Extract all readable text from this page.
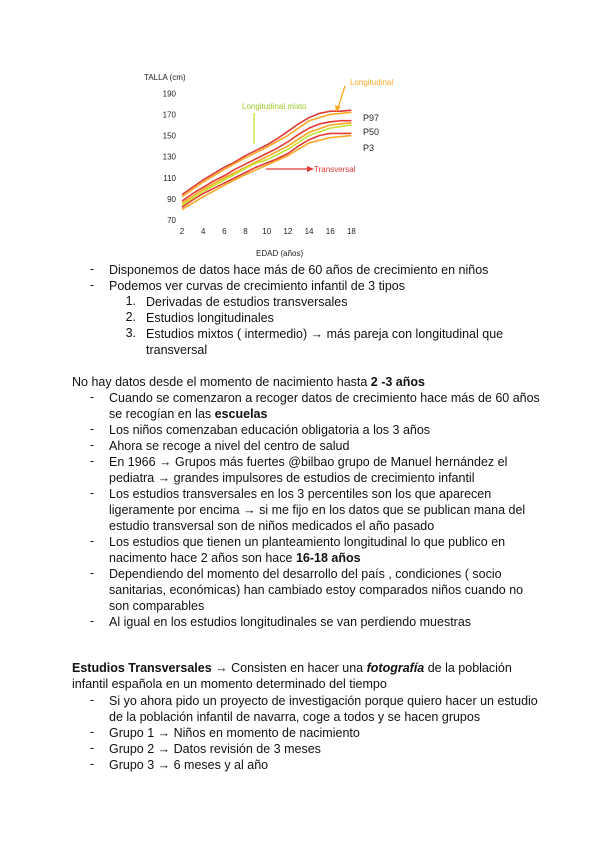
TALLA (cm)
EDAD (años)
70
90
110
130
150
170
190
2 4 6 8 10 12 14 16 18
Longitudinal
Longitudinal mixto
Transversal
P97
P50
P3
-	Disponemos de datos hace más de 60 años de crecimiento en niños
-	Podemos ver curvas de crecimiento infantil de 3 tipos
1. Derivadas de estudios transversales
2. Estudios longitudinales
3. Estudios mixtos ( intermedio) → más pareja con longitudinal que
transversal
No hay datos desde el momento de nacimiento hasta 2 -3 años
-	Cuando se comenzaron a recoger datos de crecimiento hace más de 60 años
se recogían en las escuelas
-	Los niños comenzaban educación obligatoria a los 3 años
-	Ahora se recoge a nivel del centro de salud
-	En 1966 → Grupos más fuertes @bilbao grupo de Manuel hernández el
pediatra → grandes impulsores de estudios de crecimiento infantil
-	Los estudios transversales en los 3 percentiles son los que aparecen
ligeramente por encima → si me fijo en los datos que se publican mana del
estudio transversal son de niños medicados el año pasado
-	Los estudios que tienen un planteamiento longitudinal lo que publico en
nacimento hace 2 años son hace 16-18 años
-	Dependiendo del momento del desarrollo del país , condiciones ( socio
sanitarias, económicas) han cambiado estoy comparados niños cuando no
son comparables
-	Al igual en los estudios longitudinales se van perdiendo muestras
Estudios Transversales → Consisten en hacer una fotografía de la población
infantil española en un momento determinado del tiempo
-	Si yo ahora pido un proyecto de investigación porque quiero hacer un estudio
de la población infantil de navarra, coge a todos y se hacen grupos
-	Grupo 1 → Niños en momento de nacimiento
-	Grupo 2 → Datos revisión de 3 meses
-	Grupo 3 → 6 meses y al año
